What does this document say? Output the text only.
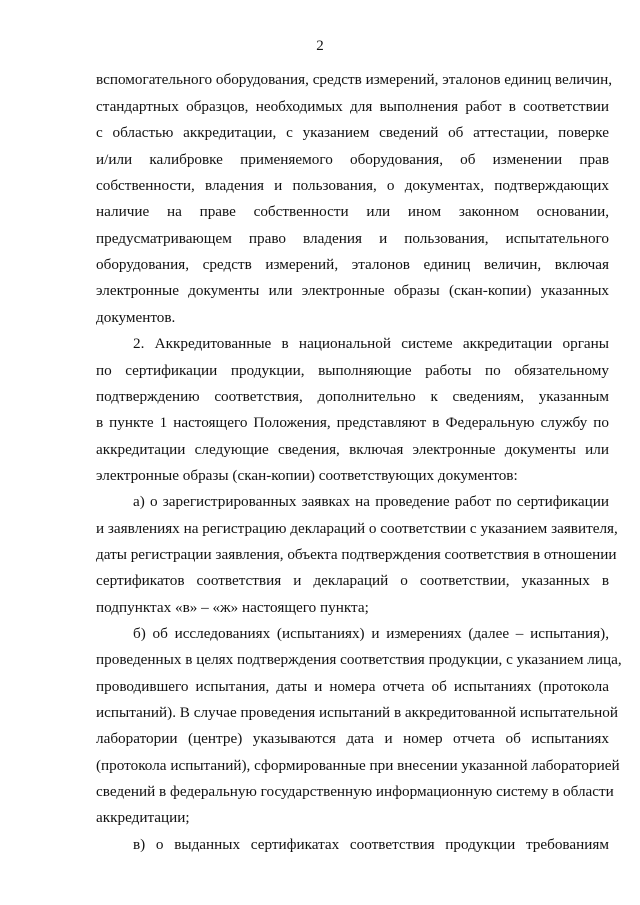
2
вспомогательного оборудования, средств измерений, эталонов единиц величин,
стандартных образцов, необходимых для выполнения работ в соответствии
с областью аккредитации, с указанием сведений об аттестации, поверке
и/или калибровке применяемого оборудования, об изменении прав
собственности, владения и пользования, о документах, подтверждающих
наличие на праве собственности или ином законном основании,
предусматривающем право владения и пользования, испытательного
оборудования, средств измерений, эталонов единиц величин, включая
электронные документы или электронные образы (скан-копии) указанных
документов.
2. Аккредитованные в национальной системе аккредитации органы
по сертификации продукции, выполняющие работы по обязательному
подтверждению соответствия, дополнительно к сведениям, указанным
в пункте 1 настоящего Положения, представляют в Федеральную службу по
аккредитации следующие сведения, включая электронные документы или
электронные образы (скан-копии) соответствующих документов:
а) о зарегистрированных заявках на проведение работ по сертификации
и заявлениях на регистрацию деклараций о соответствии с указанием заявителя,
даты регистрации заявления, объекта подтверждения соответствия в отношении
сертификатов соответствия и деклараций о соответствии, указанных в
подпунктах «в» – «ж» настоящего пункта;
б) об исследованиях (испытаниях) и измерениях (далее – испытания),
проведенных в целях подтверждения соответствия продукции, с указанием лица,
проводившего испытания, даты и номера отчета об испытаниях (протокола
испытаний). В случае проведения испытаний в аккредитованной испытательной
лаборатории (центре) указываются дата и номер отчета об испытаниях
(протокола испытаний), сформированные при внесении указанной лабораторией
сведений в федеральную государственную информационную систему в области
аккредитации;
в) о выданных сертификатах соответствия продукции требованиям
